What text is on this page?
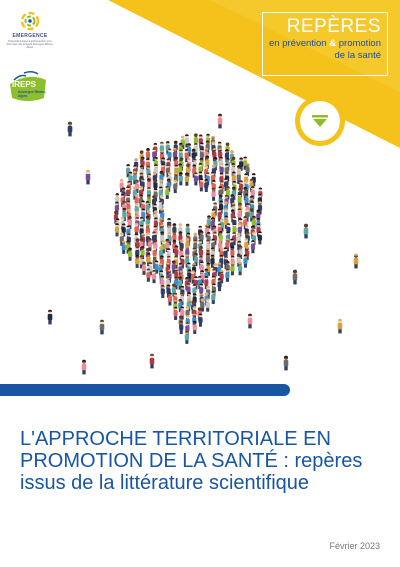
EMERGENCE
Dispositif d'appui à la Prévention et la Promotion de la Santé Auvergne-Rhône-Alpes
IREPS
Auvergne Rhône-Alpes
REPÈRES
en prévention & promotion
de la santé
L'APPROCHE TERRITORIALE EN
PROMOTION DE LA SANTÉ : repères
issus de la littérature scientifique
Février 2023
